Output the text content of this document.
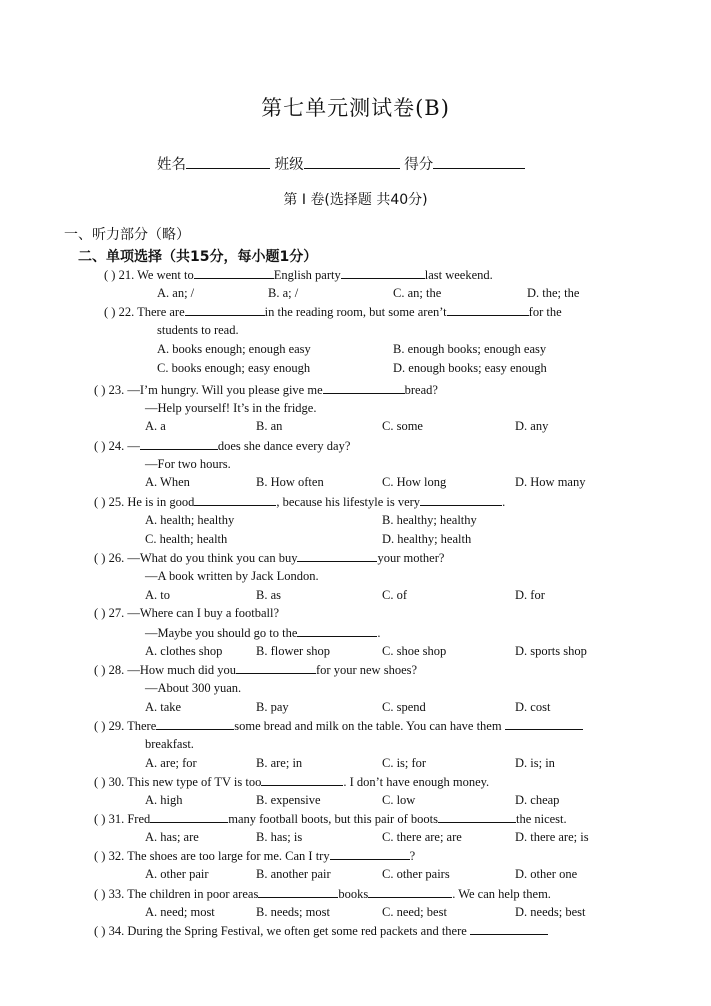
第七单元测试卷(B)
姓名	班级	得分
第 I 卷(选择题 共40分)
一、听力部分（略）
二、单项选择（共15分，每小题1分）
( ) 21. We went to	English party	last weekend.
A. an; /	B. a; /	C. an; the	D. the; the
( ) 22. There are	in the reading room, but some aren’t	for the
students to read.
A. books enough; enough easy	B. enough books; enough easy
C. books enough; easy enough	D. enough books; easy enough
( ) 23. —I’m hungry. Will you please give me	bread?
—Help yourself! It’s in the fridge.
A. a	B. an	C. some	D. any
( ) 24. —	does she dance every day?
—For two hours.
A. When	B. How often	C. How long	D. How many
( ) 25. He is in good	, because his lifestyle is very	.
A. health; healthy	B. healthy; healthy
C. health; health	D. healthy; health
( ) 26. —What do you think you can buy	your mother?
—A book written by Jack London.
A. to	B. as	C. of	D. for
( ) 27. —Where can I buy a football?
—Maybe you should go to the	.
A. clothes shop	B. flower shop	C. shoe shop	D. sports shop
( ) 28. —How much did you	for your new shoes?
—About 300 yuan.
A. take	B. pay	C. spend	D. cost
( ) 29. There	some bread and milk on the table. You can have them
breakfast.
A. are; for	B. are; in	C. is; for	D. is; in
( ) 30. This new type of TV is too	. I don’t have enough money.
A. high	B. expensive	C. low	D. cheap
( ) 31. Fred	many football boots, but this pair of boots	the nicest.
A. has; are	B. has; is	C. there are; are	D. there are; is
( ) 32. The shoes are too large for me. Can I try	?
A. other pair	B. another pair	C. other pairs	D. other one
( ) 33. The children in poor areas	books	. We can help them.
A. need; most	B. needs; most	C. need; best	D. needs; best
( ) 34. During the Spring Festival, we often get some red packets and there
